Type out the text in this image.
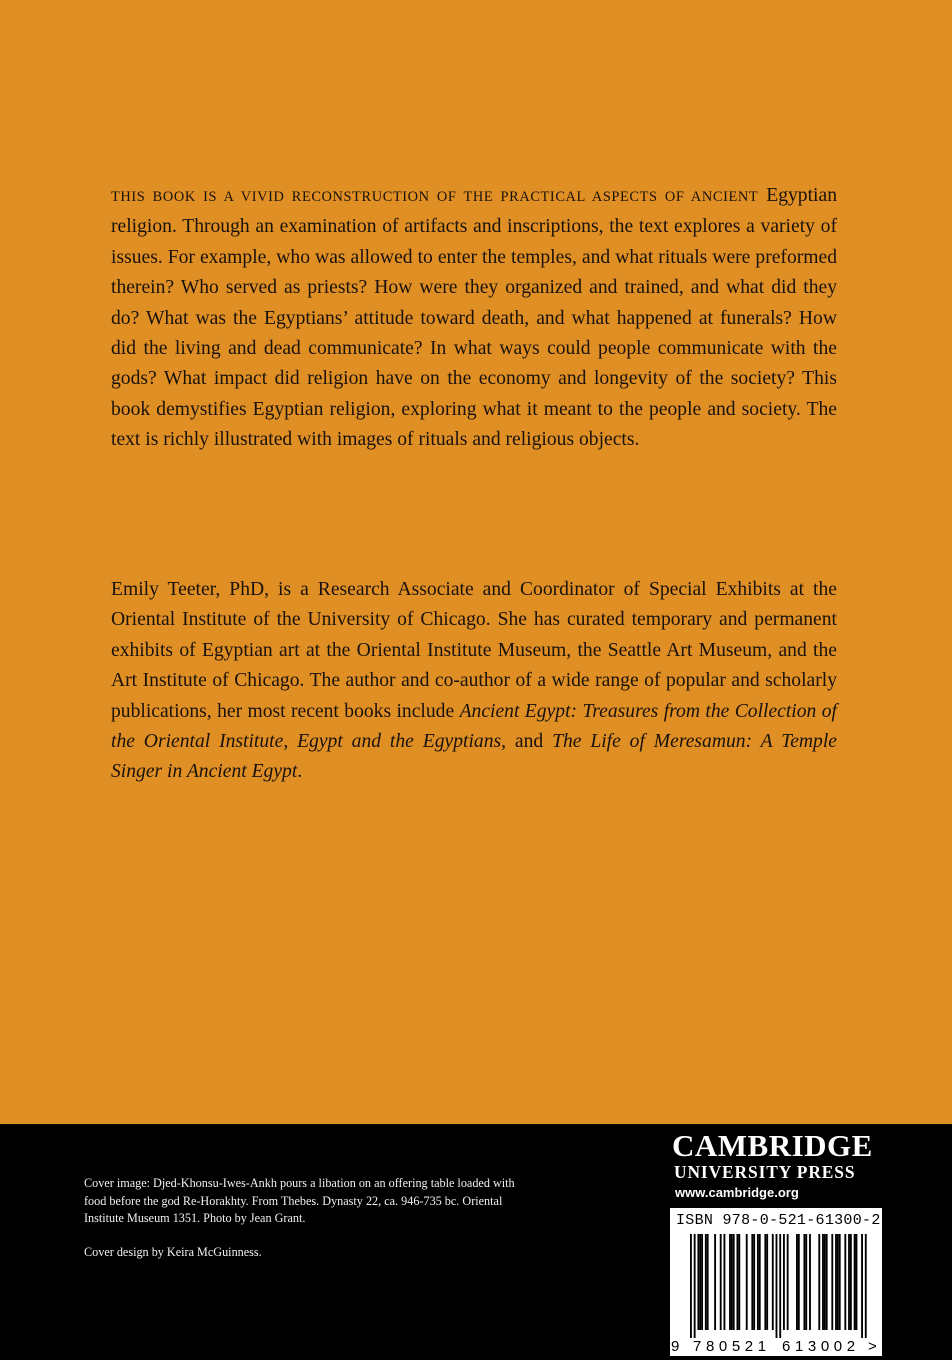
THIS BOOK IS A VIVID RECONSTRUCTION OF THE PRACTICAL ASPECTS OF ANCIENT Egyptian religion. Through an examination of artifacts and inscriptions, the text explores a variety of issues. For example, who was allowed to enter the temples, and what rituals were preformed therein? Who served as priests? How were they organized and trained, and what did they do? What was the Egyptians’ attitude toward death, and what happened at funerals? How did the living and dead communicate? In what ways could people communicate with the gods? What impact did religion have on the economy and longevity of the society? This book demystifies Egyptian religion, exploring what it meant to the people and society. The text is richly illustrated with images of rituals and religious objects.

Emily Teeter, PhD, is a Research Associate and Coordinator of Special Exhibits at the Oriental Institute of the University of Chicago. She has curated temporary and permanent exhibits of Egyptian art at the Oriental Institute Museum, the Seattle Art Museum, and the Art Institute of Chicago. The author and co-author of a wide range of popular and scholarly publications, her most recent books include Ancient Egypt: Treasures from the Collection of the Oriental Institute, Egypt and the Egyptians, and The Life of Meresamun: A Temple Singer in Ancient Egypt.

Cover image: Djed-Khonsu-Iwes-Ankh pours a libation on an offering table loaded with food before the god Re-Horakhty. From Thebes. Dynasty 22, ca. 946-735 bc. Oriental Institute Museum 1351. Photo by Jean Grant.

Cover design by Keira McGuinness.

CAMBRIDGE
UNIVERSITY PRESS
www.cambridge.org
ISBN 978-0-521-61300-2
9 780521 613002 >
